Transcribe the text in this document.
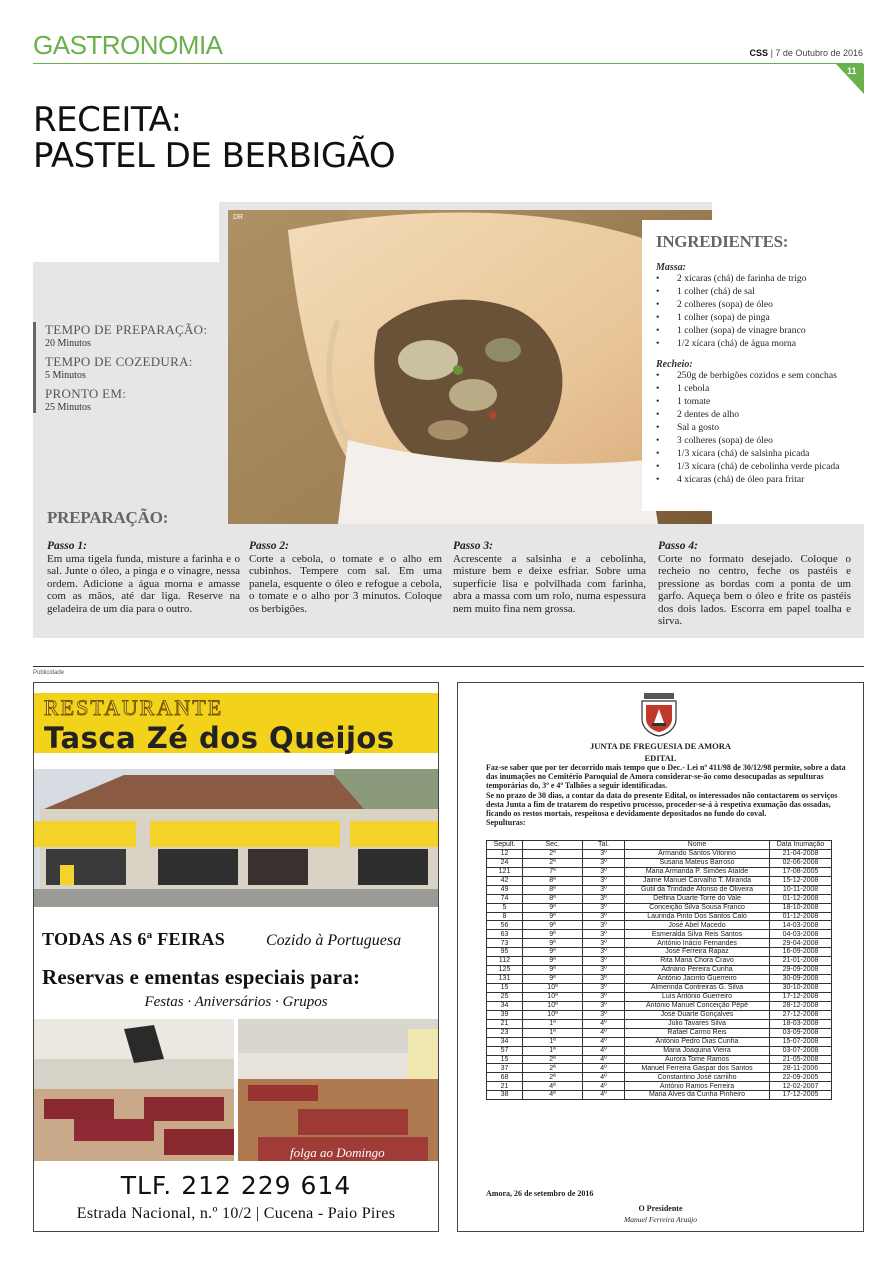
GASTRONOMIA	CSS | 7 de Outubro de 2016
11
RECEITA:
PASTEL DE BERBIGÃO
DR
TEMPO DE PREPARAÇÃO:
20 Minutos
TEMPO DE COZEDURA:
5 Minutos
PRONTO EM:
25 Minutos
INGREDIENTES:
Massa:
• 2 xícaras (chá) de farinha de trigo
• 1 colher (chá) de sal
• 2 colheres (sopa) de óleo
• 1 colher (sopa) de pinga
• 1 colher (sopa) de vinagre branco
• 1/2 xícara (chá) de água morna
Recheio:
• 250g de berbigões cozidos e sem conchas
• 1 cebola
• 1 tomate
• 2 dentes de alho
• Sal a gosto
• 3 colheres (sopa) de óleo
• 1/3 xícara (chá) de salsinha picada
• 1/3 xícara (chá) de cebolinha verde picada
• 4 xícaras (chá) de óleo para fritar
PREPARAÇÃO:
Passo 1:
Em uma tigela funda, misture a farinha e o sal. Junte o óleo, a pinga e o vinagre, nessa ordem. Adicione a água morna e amasse com as mãos, até dar liga. Reserve na geladeira de um dia para o outro.
Passo 2:
Corte a cebola, o tomate e o alho em cubinhos. Tempere com sal. Em uma panela, esquente o óleo e refogue a cebola, o tomate e o alho por 3 minutos. Coloque os berbigões.
Passo 3:
Acrescente a salsinha e a cebolinha, misture bem e deixe esfriar. Sobre uma superfície lisa e polvilhada com farinha, abra a massa com um rolo, numa espessura nem muito fina nem grossa.
Passo 4:
Corte no formato desejado. Coloque o recheio no centro, feche os pastéis e pressione as bordas com a ponta de um garfo. Aqueça bem o óleo e frite os pastéis dos dois lados. Escorra em papel toalha e sirva.
Publicidade
RESTAURANTE
Tasca Zé dos Queijos
TODAS AS 6ª FEIRAS	Cozido à Portuguesa
Reservas e ementas especiais para:
Festas · Aniversários · Grupos
folga ao Domingo
TLF. 212 229 614
Estrada Nacional, n.º 10/2 | Cucena - Paio Pires
JUNTA DE FREGUESIA DE AMORA
EDITAL
Faz-se saber que por ter decorrido mais tempo que o Dec.- Lei nº 411/98 de 30/12/98 permite, sobre a data das inumações no Cemitério Paroquial de Amora considerar-se-ão como desocupadas as sepulturas temporárias do, 3º e 4º Talhões a seguir identificadas.
Se no prazo de 30 dias, a contar da data do presente Edital, os interessados não contactarem os serviços desta Junta a fim de tratarem do respetivo processo, proceder-se-á à respetiva exumação das ossadas, ficando os restos mortais, respeitosa e devidamente depositados no fundo do coval.
Sepulturas:
Sepult.	Sec.	Tal.	Nome	Data Inumação
12	2ª	3º	Armando Santos Vitorino	21-04-2008
24	2ª	3º	Susana Mateus Barroso	02-06-2008
121	7ª	3º	Maria Armanda P. Simões Ataíde	17-08-2005
42	8ª	3º	Jaime Manuel Carvalho T. Miranda	15-12-2008
49	8ª	3º	Gutil da Trindade Afonso de Oliveira	10-11-2008
74	8ª	3º	Delfina Duarte Torre do Vale	01-12-2008
5	9ª	3º	Conceição Silva Sousa Franco	18-10-2008
8	9ª	3º	Laurinda Pinto Dos Santos Caló	01-12-2008
56	9ª	3º	José Abel Macedo	14-03-2008
63	9ª	3º	Esmeralda Silva Reis Santos	04-03-2008
73	9ª	3º	António Inácio Fernandes	29-04-2008
95	9ª	3º	José Ferreira Rapaz	16-09-2008
112	9ª	3º	Rita Maria Chora Cravo	21-01-2008
125	9ª	3º	Adriano Pereira Cunha	29-09-2008
131	9ª	3º	António Jacinto Guerreiro	30-09-2008
15	10ª	3º	Almerinda Contreiras G. Silva	30-10-2008
25	10ª	3º	Luís António Guerreiro	17-12-2008
34	10ª	3º	António Manuel Conceição Pêpê	28-12-2008
39	10ª	3º	José Duarte Gonçalves	27-12-2008
21	1ª	4º	Júlio Tavares Silva	18-03-2008
23	1ª	4º	Rafael Carmo Reis	03-09-2008
34	1ª	4º	António Pedro Dias Cunha	15-07-2008
57	1ª	4º	Maria Joaquina Vieira	03-07-2008
15	2ª	4º	Aurora Tome Ramos	21-05-2008
37	2ª	4º	Manuel Ferreira Gaspar dos Santos	28-11-2006
68	2ª	4º	Constantino José carriiho	22-09-2005
21	4ª	4º	António Ramos Ferreira	12-02-2007
38	4ª	4º	Maria Alves da Cunha Pinheiro	17-12-2005
Amora, 26 de setembro de 2016
O Presidente
Manuel Ferreira Araújo
